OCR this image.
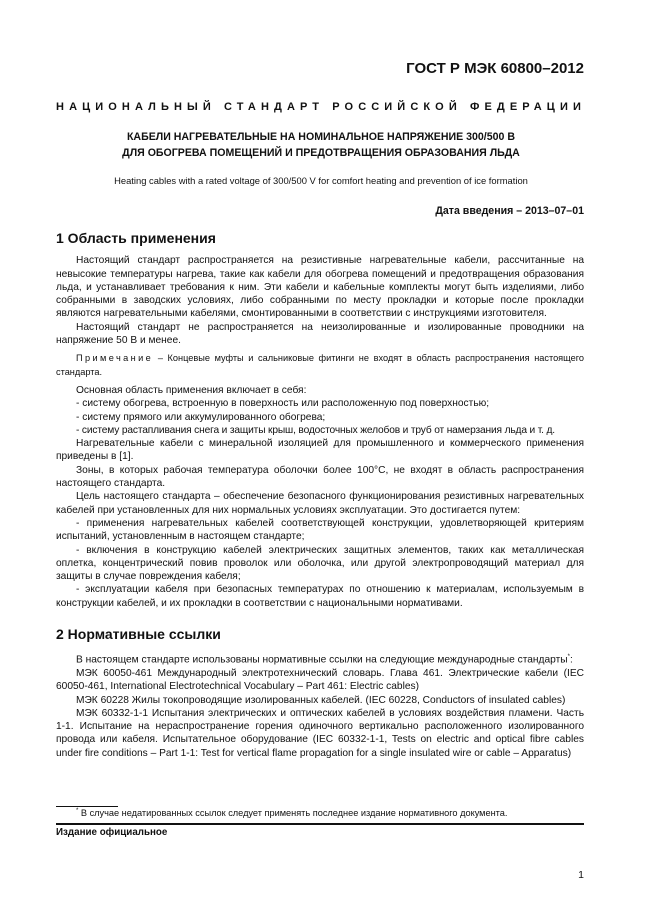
ГОСТ Р МЭК 60800–2012
НАЦИОНАЛЬНЫЙ СТАНДАРТ РОССИЙСКОЙ ФЕДЕРАЦИИ
КАБЕЛИ НАГРЕВАТЕЛЬНЫЕ НА НОМИНАЛЬНОЕ НАПРЯЖЕНИЕ 300/500 В
ДЛЯ ОБОГРЕВА ПОМЕЩЕНИЙ И ПРЕДОТВРАЩЕНИЯ ОБРАЗОВАНИЯ ЛЬДА
Heating cables with a rated voltage of 300/500 V for comfort heating and prevention of ice formation
Дата введения – 2013–07–01
1 Область применения

Настоящий стандарт распространяется на резистивные нагревательные кабели, рассчитанные на невысокие температуры нагрева, такие как кабели для обогрева помещений и предотвращения образования льда, и устанавливает требования к ним. Эти кабели и кабельные комплекты могут быть изделиями, либо собранными в заводских условиях, либо собранными по месту прокладки и которые после прокладки являются нагревательными кабелями, смонтированными в соответствии с инструкциями изготовителя.

Настоящий стандарт не распространяется на неизолированные и изолированные проводники на напряжение 50 В и менее.

Примечание – Концевые муфты и сальниковые фитинги не входят в область распространения настоящего стандарта.

Основная область применения включает в себя:

- систему обогрева, встроенную в поверхность или расположенную под поверхностью;

- систему прямого или аккумулированного обогрева;

- систему растапливания снега и защиты крыш, водосточных желобов и труб от намерзания льда и т. д.

Нагревательные кабели с минеральной изоляцией для промышленного и коммерческого применения приведены в [1].

Зоны, в которых рабочая температура оболочки более 100°C, не входят в область распространения настоящего стандарта.

Цель настоящего стандарта – обеспечение безопасного функционирования резистивных нагревательных кабелей при установленных для них нормальных условиях эксплуатации. Это достигается путем:

- применения нагревательных кабелей соответствующей конструкции, удовлетворяющей критериям испытаний, установленным в настоящем стандарте;

- включения в конструкцию кабелей электрических защитных элементов, таких как металлическая оплетка, концентрический повив проволок или оболочка, или другой электропроводящий материал для защиты в случае повреждения кабеля;

- эксплуатации кабеля при безопасных температурах по отношению к материалам, используемым в конструкции кабелей, и их прокладки в соответствии с национальными нормативами.

2 Нормативные ссылки

В настоящем стандарте использованы нормативные ссылки на следующие международные стандарты*:

МЭК 60050-461 Международный электротехнический словарь. Глава 461. Электрические кабели (IEC 60050-461, International Electrotechnical Vocabulary – Part 461: Electric cables)

МЭК 60228 Жилы токопроводящие изолированных кабелей. (IEC 60228, Conductors of insulated cables)

МЭК 60332-1-1 Испытания электрических и оптических кабелей в условиях воздействия пламени. Часть 1-1. Испытание на нераспространение горения одиночного вертикально расположенного изолированного провода или кабеля. Испытательное оборудование (IEC 60332-1-1, Tests on electric and optical fibre cables under fire conditions – Part 1-1: Test for vertical flame propagation for a single insulated wire or cable – Apparatus)

* В случае недатированных ссылок следует применять последнее издание нормативного документа.
Издание официальное
1
